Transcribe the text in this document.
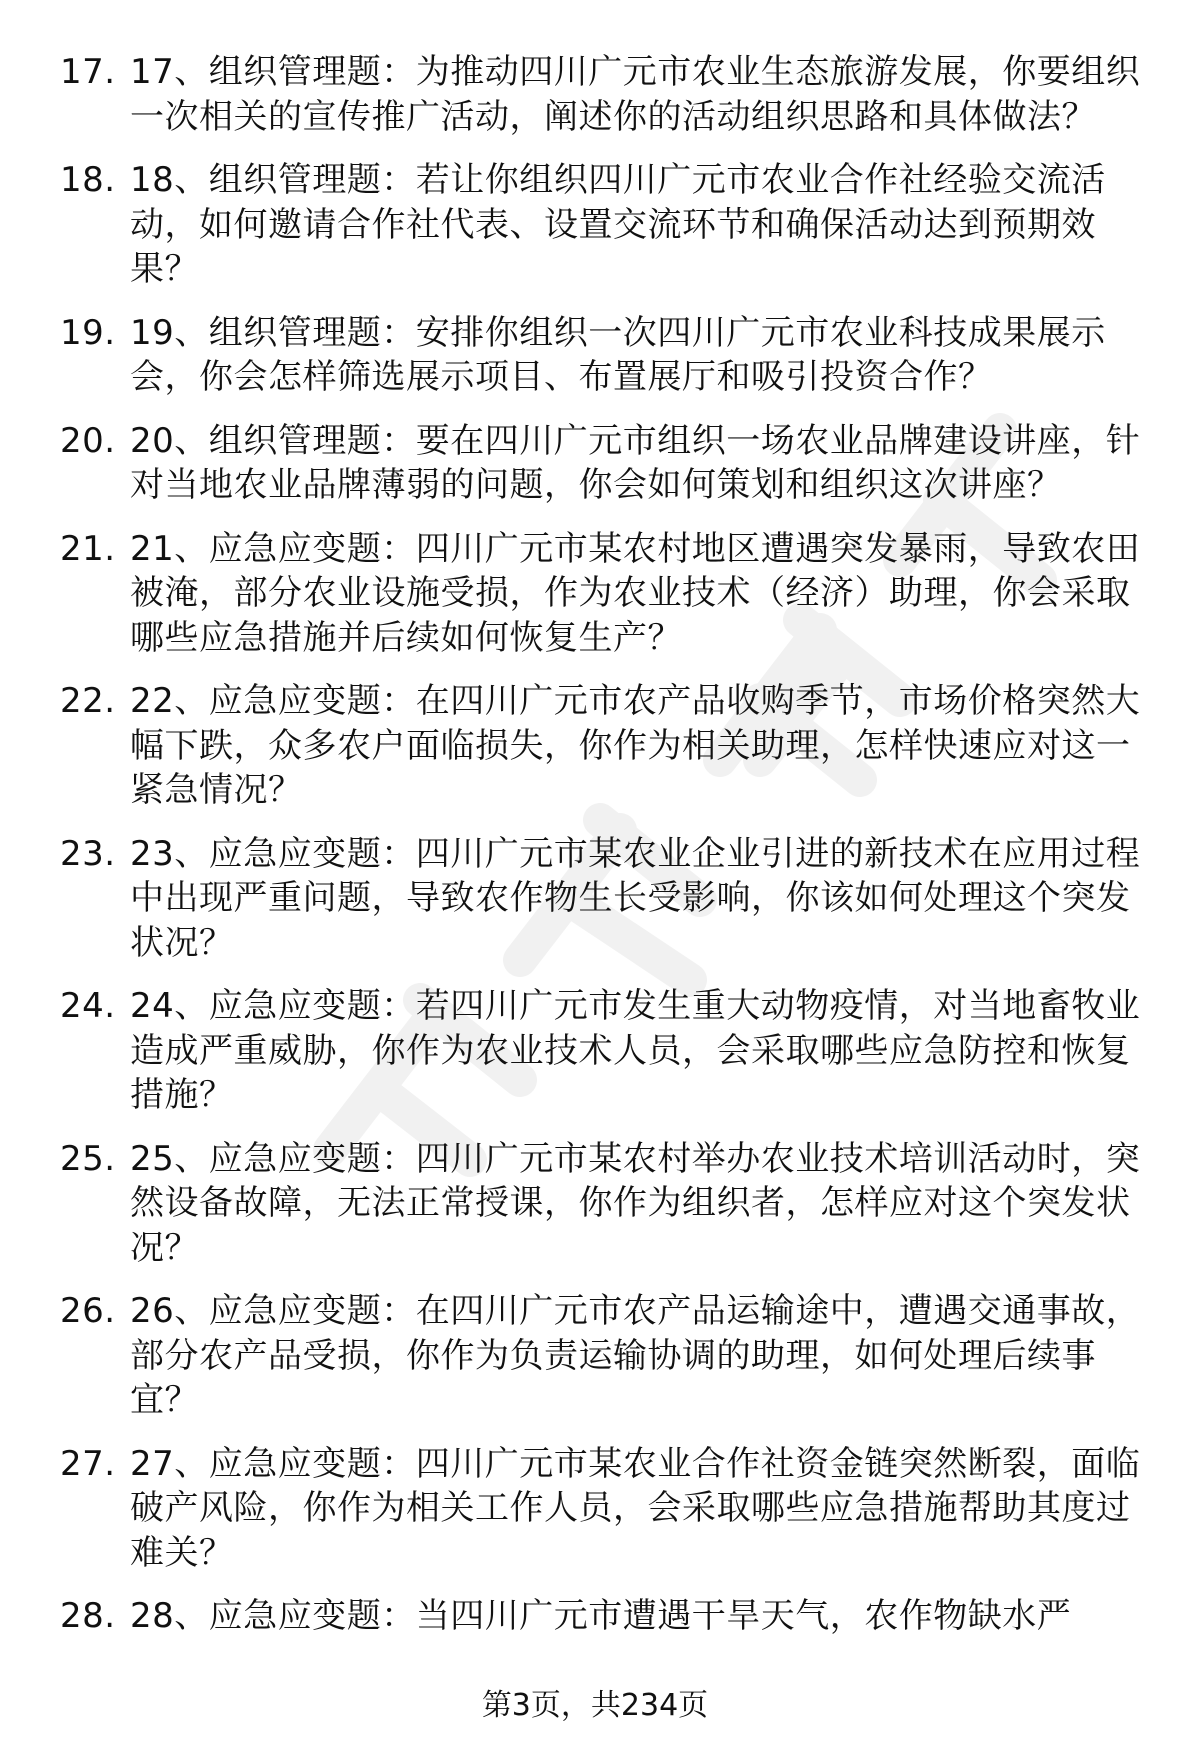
17. 17、组织管理题：为推动四川广元市农业生态旅游发展，你要组织一次相关的宣传推广活动，阐述你的活动组织思路和具体做法？
18. 18、组织管理题：若让你组织四川广元市农业合作社经验交流活动，如何邀请合作社代表、设置交流环节和确保活动达到预期效果？
19. 19、组织管理题：安排你组织一次四川广元市农业科技成果展示会，你会怎样筛选展示项目、布置展厅和吸引投资合作？
20. 20、组织管理题：要在四川广元市组织一场农业品牌建设讲座，针对当地农业品牌薄弱的问题，你会如何策划和组织这次讲座？
21. 21、应急应变题：四川广元市某农村地区遭遇突发暴雨，导致农田被淹，部分农业设施受损，作为农业技术（经济）助理，你会采取哪些应急措施并后续如何恢复生产？
22. 22、应急应变题：在四川广元市农产品收购季节，市场价格突然大幅下跌，众多农户面临损失，你作为相关助理，怎样快速应对这一紧急情况？
23. 23、应急应变题：四川广元市某农业企业引进的新技术在应用过程中出现严重问题，导致农作物生长受影响，你该如何处理这个突发状况？
24. 24、应急应变题：若四川广元市发生重大动物疫情，对当地畜牧业造成严重威胁，你作为农业技术人员，会采取哪些应急防控和恢复措施？
25. 25、应急应变题：四川广元市某农村举办农业技术培训活动时，突然设备故障，无法正常授课，你作为组织者，怎样应对这个突发状况？
26. 26、应急应变题：在四川广元市农产品运输途中，遭遇交通事故，部分农产品受损，你作为负责运输协调的助理，如何处理后续事宜？
27. 27、应急应变题：四川广元市某农业合作社资金链突然断裂，面临破产风险，你作为相关工作人员，会采取哪些应急措施帮助其度过难关？
28. 28、应急应变题：当四川广元市遭遇干旱天气，农作物缺水严
第3页，共234页
